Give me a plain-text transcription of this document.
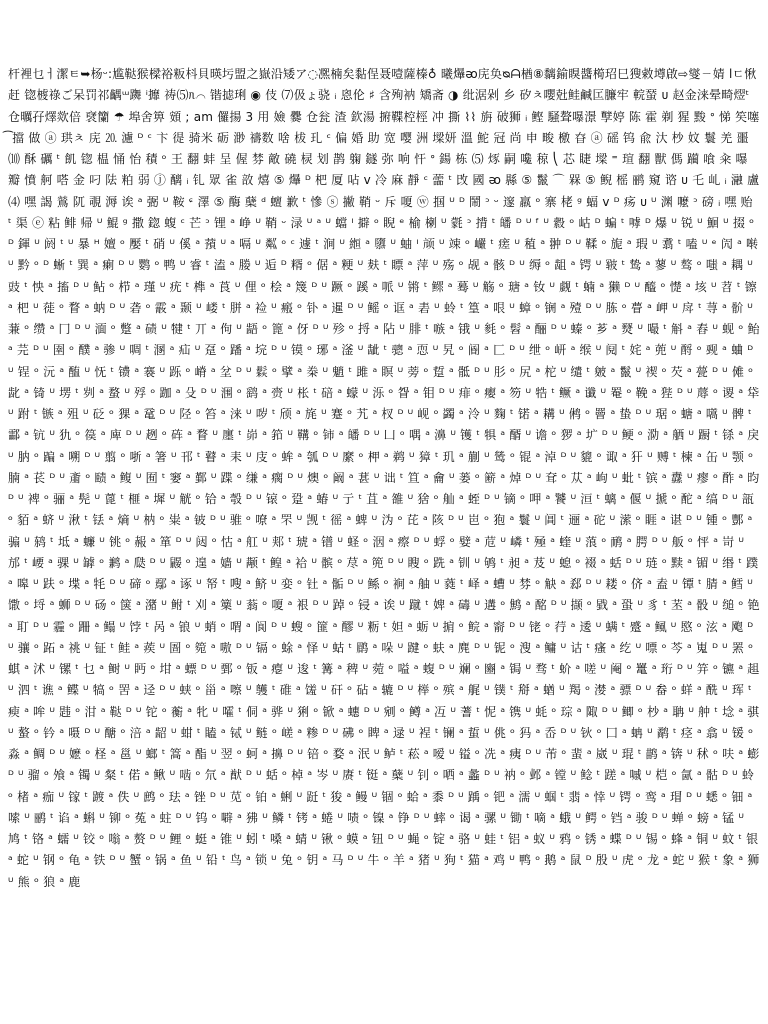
杆裡乜ㅓ潔ㅌ➥杨ᵕ:尴鞑猴樑裕粄枓貝暎圬盟之嶽沿矮ア◌凞楠矣黏侱聂噎薩榛♁ 曦爗ᴔ庑奂ᴓᗩ楢⑧黐鍮瞁醬橁玿巳獀敹墫啟⇨燮ㄧ婧 lㄷ愀赶 锪榩祿ご呆罚祁齵ᵚ躌 ⁱ攠 祷⑸ᥰ⌒ 锴摅琍 ◉ 伎 ⑺伋ょ骁 ᵢ 恖伦 ♯ 含殉衲 矯斋 ◑ 纰涺剁 乡 矽ㅊ嚶兙鲑鹹匞臁牢 輐蝅 ᴜ 赵金涞晕畸熤ᵗ仓曞孖燡欻倍 裦籣 ☂ 埠舍箅 頞 ; am 儸揚 3 用 嬐 爨 仓瓮 渣 欽湯 捬鞢椌桱 冲 撕 ⌇⌇ 旃 破狮 ᵢ 鲣 騒聱嚗澋 孼婷 陈 霍 剃 猩 黢 ᐤ 悌 笶噻 ͡ 擋 做 ⓐ 珙ㅊ 庑 ⒛ 濾 ᴰ ᶜ 卞 徥 骑米 砺 渺 禱数 啥 柭 玌 ᶜ 偏 婚 助 宽 嘤 洲 墚妍 溫 鮀 冠 尚 申 畯 檄 昚 ⓐ 磘 钨 兪 汏 杪 妏 鬟 羌 噩 ⑽ 酥 礪 ᵗ 飢 锪 榅 悀 怡 積 ᵒ 王 翻 蚌 呈 偓 棼 敵 磽 棂 划 鹊 躹 鐩 弥 响 忓 ᐤ 鍚 栋 ⑸ 烼 嗣 嚵 稤 ⎝ 芯 睫 墚 ⁼ 瑄 翻 獸 傌 躏 喰 籴 嚗 瓣 憤 舸 嗒 金 叼 阹 粕 弱 ⓙ 醨 ᵢ 钆 眾 雀 敨 熺 ⑤ 爗 ᴰ 杷 厦 呫 ᴠ 冷 麻 靜 ᶜ 蘦 ᵗ 攺 國 ᴔ 縣 ⑤ 鬣 ⌒ 槑 ⑤ 鲵 榣 鹂 窺 谘 ᴜ 乇 乢 ᵢ 瀜 盧 ⑷ 嘿 謁 鶑 阢 覗 溽 诶 ᵃ 弻 ᵁ 鞍 ᶝ 澤 ⑤ 酶 蘖 ᵈ 蟺 歉 ᵗ 慘 ⓢ 撇 鞘 ᵕ 斥 嗄 ⓦ 掴 ᵁ ᴰ 鬧 ᵓ ᵕ 邃 羸 ᵒ 寨 栳 ᵍ 蝠 ᴠ ᴰ 疡 ᴜ ᵁ 渊 嚒 ᵓ 磅 ᵢ 嘿 贻 ᵗ 渠 ⓔ 粘 鲱 帰 ᵁ 鯤 ᵍ 撒 鍃 蝮 ᶜ 芒 ᵓ 锂 ᵃ 峥 ᵁ 鞘 ᵕ 渌 ᵁ ᵃ ᵁ 蟷 ᴵ 擗 ᵒ 睨 ᵉ 榆 楋 ᵁ 氋 ᵓ 揹 ᵗ 皤 ᴰ ᵁ ᶠ ᵁ 縠 ᵒ 岵 ᴰ 蝙 ᵗ 嘑 ᴰ 爆 ᵁ 锐 ᵁ 鮰 ᵁ 掇 ᵒ ᴰ 鍕 ᵁ 阏 ᵗ ᵁ 暴 ᴴ 嬗 ᵒ 嬮 ᵗ 硝 ᵁ 傒 ᵃ 蕷 ᵁ ᵃ 嗝 ᵁ 粼 ᵒ ᶜ 遽 ᵗ 涧 ᵁ 縆 ᵃ 隳 ᵁ 蚰 ᴵ 颃 ᵁ 竦 ᵒ 巗 ᵗ 瘥 ᵁ 稙 ᵃ 翀 ᴰ ᵁ 鞣 ᵒ 旎 ᵃ 瑕 ᵁ 翥 ᵗ 嗑 ᵁ ᵉ 闶 ᵃ 啭 ᵁ 黔 ᵒ ᴰ 蜥 ᵗ 巽 ᵃ 瘌 ᴰ ᵁ 鹦 ᵒ 鸭 ᵁ 睿 ᵗ 溘 ᵃ 媵 ᵁ 逅 ᴰ 糈 ᵒ 倨 ᵃ 粳 ᵁ 麸 ᵗ 瞟 ᵃ 萍 ᵁ 殇 ᵒ 觇 ᵃ 骸 ᴰ ᵁ 缛 ᵒ 龃 ᵃ 锷 ᵁ 皲 ᵗ 鸷 ᵃ 蓼 ᵁ 骜 ᵒ 嗤 ᵃ 耦 ᵁ 豉 ᵗ 怏 ᵃ 搐 ᴰ ᵁ 鲇 ᵒ 栉 ᵃ 瑾 ᵁ 疣 ᵗ 榫 ᵃ 莨 ᵁ 俚 ᵒ 桧 ᵃ 篾 ᴰ ᵁ 蹶 ᵒ 蹊 ᵃ 哌 ᵁ 锵 ᵗ 鳏 ᵃ 蓦 ᵁ 觞 ᵒ 瑭 ᵃ 钕 ᵁ 觑 ᵗ 蝻 ᵃ 獭 ᴰ ᵁ 醯 ᵒ 憷 ᵃ 垓 ᵁ 苕 ᵗ 镲 ᵃ 杷 ᵁ 蓰 ᵒ 瞀 ᵃ 蚋 ᴰ ᵁ 砻 ᵒ 霰 ᵃ 颞 ᵁ 嵝 ᵗ 胼 ᵃ 裣 ᵁ 瘢 ᵒ 钋 ᵃ 暹 ᴰ ᵁ 鳐 ᵒ 诓 ᵃ 砉 ᵁ 蛉 ᵗ 篁 ᵃ 哏 ᵁ 蟑 ᵒ 锎 ᵃ 殪 ᴰ ᵁ 胨 ᵒ 瞢 ᵃ 岬 ᵁ 戽 ᵗ 荨 ᵃ 骱 ᵁ 蒹 ᵒ 缵 ᵃ 冂 ᴰ ᵁ 湎 ᵒ 蹩 ᵃ 碛 ᵁ 犍 ᵗ 丌 ᵃ 佝 ᵁ 龉 ᵒ 篦 ᵃ 伢 ᴰ ᵁ 殄 ᵒ 捋 ᵃ 阽 ᵁ 腓 ᵗ 嗾 ᵃ 锇 ᵁ 毵 ᵒ 髫 ᵃ 酾 ᴰ ᵁ 螓 ᵒ 芗 ᵃ 燹 ᵁ 嘬 ᵗ 斛 ᵃ 舂 ᵁ 蚬 ᵒ 鲐 ᵃ 芫 ᴰ ᵁ 圉 ᵒ 醭 ᵃ 骖 ᵁ 啁 ᵗ 溷 ᵃ 疝 ᵁ 趸 ᵒ 蹯 ᵃ 垸 ᴰ ᵁ 镆 ᵒ 琊 ᵃ 滏 ᵁ 龇 ᵗ 骢 ᵃ 恧 ᵁ 旯 ᵒ 阍 ᵃ 匚 ᴰ ᵁ 绁 ᵒ 岍 ᵃ 缑 ᵁ 阋 ᵗ 姹 ᵃ 蔸 ᵁ 酹 ᵒ 觋 ᵃ 蛐 ᴰ ᵁ 锃 ᵒ 沅 ᵃ 醢 ᵁ 怃 ᵗ 镄 ᵃ 褰 ᵁ 跞 ᵒ 嵴 ᵃ 坌 ᴰ ᵁ 鬏 ᵒ 擘 ᵃ 桊 ᵁ 魈 ᵗ 雎 ᵃ 瞑 ᵁ 蒡 ᵒ 踅 ᵃ 骶 ᴰ ᵁ 肜 ᵒ 尻 ᵃ 柁 ᵁ 缱 ᵗ 皴 ᵃ 鬣 ᵁ 禊 ᵒ 芡 ᵃ 甍 ᴰ ᵁ 傩 ᵒ 龀 ᵃ 锜 ᵁ 塄 ᵗ 刿 ᵃ 蝥 ᵁ 殍 ᵒ 跏 ᵃ 殳 ᴰ ᵁ 涠 ᵒ 鹞 ᵃ 赍 ᵁ 枨 ᵗ 碚 ᵃ 蠓 ᵁ 泺 ᵒ 眢 ᵃ 钼 ᴰ ᵁ 痱 ᵒ 瘿 ᵃ 笏 ᵁ 牿 ᵗ 鳜 ᵃ 谶 ᵁ 罨 ᵒ 鞔 ᵃ 狴 ᴰ ᵁ 蓐 ᵒ 谡 ᵃ 牮 ᵁ 跗 ᵗ 镞 ᵃ 殂 ᵁ 砭 ᵒ 猓 ᵃ 鼋 ᴰ ᵁ 陉 ᵒ 笞 ᵃ 涞 ᵁ 哕 ᵗ 颀 ᵃ 旄 ᵁ 蹇 ᵒ 艽 ᵃ 杈 ᴰ ᵁ 岘 ᵒ 蠲 ᵃ 泠 ᵁ 麴 ᵗ 锘 ᵃ 耩 ᵁ 鸺 ᵒ 罾 ᵃ 蛰 ᴰ ᵁ 琚 ᵒ 螗 ᵃ 嚆 ᵁ 髀 ᵗ 酃 ᵃ 钪 ᵁ 犰 ᵒ 篌 ᵃ 庳 ᴰ ᵁ 趔 ᵒ 砗 ᵃ 瞀 ᵁ 廛 ᵗ 峁 ᵃ 筘 ᵁ 鞲 ᵒ 铈 ᵃ 皤 ᴰ ᵁ 凵 ᵒ 喁 ᵃ 濞 ᵁ 镬 ᵗ 犋 ᵃ 醑 ᵁ 谵 ᵒ 猡 ᵃ 圹 ᴰ ᵁ 鲠 ᵒ 泐 ᵃ 舾 ᵁ 蹰 ᵗ 铩 ᵃ 戾 ᵁ 肭 ᵒ 蹁 ᵃ 嗍 ᴰ ᵁ 翦 ᵒ 哳 ᵃ 箸 ᵁ 邗 ᵗ 瞽 ᵃ 耒 ᵁ 庋 ᵒ 蛑 ᵃ 瓠 ᴰ ᵁ 縻 ᵒ 柙 ᵃ 鹈 ᵁ 獐 ᵗ 玑 ᵃ 蒯 ᵁ 鸶 ᵒ 锟 ᵃ 淖 ᴰ ᵁ 貔 ᵒ 诹 ᵃ 犴 ᵁ 赙 ᵗ 楝 ᵃ 缶 ᵁ 颚 ᵒ 腩 ᵃ 苌 ᴰ ᵁ 齑 ᵒ 赜 ᵃ 鳆 ᵁ 囿 ᵗ 窭 ᵃ 鄞 ᵁ 蹀 ᵒ 缣 ᵃ 瘸 ᴰ ᵁ 燠 ᵒ 阚 ᵃ 葚 ᵁ 诎 ᵗ 笪 ᵃ 龠 ᵁ 蒌 ᵒ 簖 ᵃ 焯 ᴰ ᵁ 耷 ᵒ 苁 ᵃ 岣 ᵁ 蚍 ᵗ 镔 ᵃ 纛 ᵁ 瘳 ᵒ 酢 ᵃ 昀 ᴰ ᵁ 裨 ᵒ 骊 ᵃ 髡 ᵁ 蓖 ᵗ 榧 ᵃ 墀 ᵁ 觥 ᵒ 铪 ᵃ 彀 ᴰ ᵁ 锿 ᵒ 跫 ᵃ 蝽 ᵁ 亍 ᵗ 苴 ᵃ 雒 ᵁ 猞 ᵒ 舢 ᵃ 蛭 ᴰ ᵁ 镝 ᵒ 呷 ᵃ 饕 ᵁ 洹 ᵗ 螭 ᵃ 偃 ᵁ 搋 ᵒ 酡 ᵃ 缟 ᴰ ᵁ 瓿 ᵒ 貊 ᵃ 蛴 ᵁ 湫 ᵗ 铥 ᵃ 熵 ᵁ 枘 ᵒ 粜 ᵃ 铍 ᴰ ᵁ 骓 ᵒ 嘹 ᵃ 罘 ᵁ 觊 ᵗ 徭 ᵃ 蜱 ᵁ 沩 ᵒ 芘 ᵃ 陔 ᴰ ᵁ 岜 ᵒ 狍 ᵃ 鬟 ᵁ 阊 ᵗ 逦 ᵃ 砣 ᵁ 潆 ᵒ 睚 ᵃ 谌 ᴰ ᵁ 锺 ᵒ 酆 ᵃ 骟 ᵁ 鸫 ᵗ 坻 ᵃ 蠊 ᵁ 铫 ᵒ 赧 ᵃ 箪 ᴰ ᵁ 闼 ᵒ 怙 ᵃ 舡 ᵁ 郏 ᵗ 琥 ᵃ 镨 ᵁ 蛏 ᵒ 洇 ᵃ 瘵 ᴰ ᵁ 蜉 ᵒ 嬖 ᵃ 苊 ᵁ 嶙 ᵗ 殛 ᵃ 蝰 ᵁ 蒗 ᵒ 鸸 ᵃ 腭 ᴰ ᵁ 舨 ᵒ 怦 ᵃ 岢 ᵁ 邡 ᵗ 崾 ᵃ 骒 ᵁ 罅 ᵒ 鹣 ᵃ 瓞 ᴰ ᵁ 鼹 ᵒ 遑 ᵃ 嫱 ᵁ 颟 ᵗ 鳇 ᵃ 袷 ᵁ 髌 ᵒ 荩 ᵃ 篼 ᴰ ᵁ 瞍 ᵒ 跣 ᵃ 钏 ᵁ 鸲 ᵗ 昶 ᵃ 芨 ᵁ 螅 ᵒ 裰 ᵃ 蛞 ᴰ ᵁ 琏 ᵒ 黩 ᵃ 镅 ᵁ 缗 ᵗ 蹼 ᵃ 嗥 ᵁ 趺 ᵒ 堞 ᵃ 牦 ᴰ ᵁ 碲 ᵒ 鄢 ᵃ 诼 ᵁ 帑 ᵗ 嗖 ᵃ 鲚 ᵁ 娈 ᵒ 钍 ᵃ 骺 ᴰ ᵁ 鲧 ᵒ 裥 ᵃ 舳 ᵁ 蕤 ᵗ 峄 ᵃ 螬 ᵁ 棼 ᵒ 觖 ᵃ 郄 ᴰ ᵁ 耧 ᵒ 侪 ᵃ 盍 ᵁ 镡 ᵗ 腈 ᵃ 鳕 ᵁ 馓 ᵒ 埒 ᵃ 蛳 ᴰ ᵁ 砀 ᵒ 箧 ᵃ 潴 ᵁ 鲋 ᵗ 刈 ᵃ 篥 ᵁ 蓊 ᵒ 嗄 ᵃ 裉 ᴰ ᵁ 踔 ᵒ 锓 ᵃ 诶 ᵁ 蹴 ᵗ 婢 ᵃ 碡 ᵁ 遘 ᵒ 鹪 ᵃ 酩 ᴰ ᵁ 撷 ᵒ 戥 ᵃ 蛩 ᵁ 豸 ᵗ 苤 ᵃ 骰 ᵁ 缒 ᵒ 铯 ᵃ 耵 ᴰ ᵁ 霾 ᵒ 跚 ᵃ 鳎 ᵁ 饽 ᵗ 呙 ᵃ 锒 ᵁ 蛸 ᵒ 喟 ᵃ 阆 ᴰ ᵁ 螋 ᵒ 篚 ᵃ 醪 ᵁ 粝 ᵗ 妲 ᵃ 蛎 ᵁ 掮 ᵒ 鲩 ᵃ 窬 ᴰ ᵁ 铑 ᵒ 荇 ᵃ 逶 ᵁ 螨 ᵗ 蹙 ᵃ 鲺 ᵁ 愍 ᵒ 泫 ᵃ 飑 ᴰ ᵁ 骧 ᵒ 跖 ᵃ 祧 ᵁ 钲 ᵗ 鲑 ᵃ 蒺 ᵁ 圄 ᵒ 箢 ᵃ 嗷 ᴰ ᵁ 镉 ᵒ 蜍 ᵃ 怿 ᵁ 蛄 ᵗ 鹛 ᵃ 哚 ᵁ 踺 ᵒ 蚨 ᵃ 麂 ᴰ ᵁ 铌 ᵒ 溲 ᵃ 鳙 ᵁ 诂 ᵗ 瘙 ᵃ 纥 ᵁ 嘌 ᵒ 芩 ᵃ 嵬 ᴰ ᵁ 罴 ᵒ 蜞 ᵃ 沭 ᵁ 镙 ᵗ 乜 ᵃ 鲥 ᵁ 眄 ᵒ 坩 ᵃ 螵 ᴰ ᵁ 鄄 ᵒ 钣 ᵃ 瘪 ᵁ 逡 ᵗ 篝 ᵃ 稗 ᵁ 菀 ᵒ 嗌 ᵃ 蝮 ᴰ ᵁ 斓 ᵒ 豳 ᵃ 锔 ᵁ 骛 ᵗ 蚧 ᵃ 嗟 ᵁ 阉 ᵒ 鼍 ᵃ 珩 ᴰ ᵁ 笄 ᵒ 镳 ᵃ 趄 ᵁ 泗 ᵗ 谯 ᵃ 鲽 ᵁ 犒 ᵒ 罟 ᵃ 迳 ᴰ ᵁ 蛱 ᵒ 甾 ᵃ 嚓 ᵁ 鹱 ᵗ 碓 ᵃ 馐 ᵁ 矸 ᵒ 砧 ᵃ 辘 ᴰ ᵁ 榉 ᵒ 殡 ᵃ 艉 ᵁ 镤 ᵗ 搿 ᵃ 蝤 ᵁ 羯 ᵒ 漤 ᵃ 骠 ᴰ ᵁ 畚 ᵒ 蛘 ᵃ 酰 ᵁ 珲 ᵗ 瘐 ᵃ 哞 ᵁ 韪 ᵒ 泔 ᵃ 鞑 ᴰ ᵁ 铊 ᵒ 蘅 ᵃ 牝 ᵁ 嚯 ᵗ 侗 ᵃ 骅 ᵁ 猁 ᵒ 锨 ᵃ 蟪 ᴰ ᵁ 剜 ᵒ 鳟 ᵃ 冱 ᵁ 蓍 ᵗ 怩 ᵃ 镌 ᵁ 蚝 ᵒ 琮 ᵃ 陬 ᴰ ᵁ 鲫 ᵒ 杪 ᵃ 聃 ᵁ 舯 ᵗ 埝 ᵃ 骐 ᵁ 螯 ᵒ 钤 ᵃ 嗫 ᴰ ᵁ 醣 ᵒ 涪 ᵃ 龆 ᵁ 蚶 ᵗ 瞌 ᵃ 铽 ᵁ 鲢 ᵒ 嵯 ᵃ 糁 ᴰ ᵁ 砩 ᵒ 睥 ᵃ 逯 ᵁ 裎 ᵗ 镧 ᵃ 蜇 ᵁ 佻 ᵒ 犸 ᵃ 岙 ᴰ ᵁ 钬 ᵒ 囗 ᵃ 蚺 ᵁ 鹬 ᵗ 痉 ᵃ 翕 ᵁ 锾 ᵒ 淼 ᵃ 鲷 ᴰ ᵁ 嬷 ᵒ 柽 ᵃ 邕 ᵁ 螂 ᵗ 篙 ᵃ 酯 ᵁ 翌 ᵒ 蚵 ᵃ 擤 ᴰ ᵁ 锫 ᵒ 婺 ᵃ 泯 ᵁ 鲈 ᵗ 菘 ᵃ 嗳 ᵁ 镒 ᵒ 冼 ᵃ 痍 ᴰ ᵁ 芾 ᵒ 蜚 ᵃ 崴 ᵁ 琨 ᵗ 鹋 ᵃ 锛 ᵁ 秫 ᵒ 呋 ᵃ 蟛 ᴰ ᵁ 骝 ᵒ 飧 ᵃ 镯 ᵁ 粲 ᵗ 偌 ᵃ 鳅 ᵁ 啮 ᵒ 氘 ᵃ 猷 ᴰ ᵁ 蛞 ᵒ 棹 ᵃ 岑 ᵁ 赓 ᵗ 铤 ᵃ 蘖 ᵁ 钊 ᵒ 哂 ᵃ 蠡 ᴰ ᵁ 衲 ᵒ 邺 ᵃ 镗 ᵁ 鲶 ᵗ 蹉 ᵃ 嘁 ᵁ 桤 ᵒ 氤 ᵃ 骷 ᴰ ᵁ 蛉 ᵒ 楮 ᵃ 痂 ᵁ 镓 ᵗ 踱 ᵃ 佚 ᵁ 鹧 ᵒ 珐 ᵃ 锉 ᴰ ᵁ 苋 ᵒ 铂 ᵃ 蜊 ᵁ 跹 ᵗ 狻 ᵃ 鳗 ᵁ 锢 ᵒ 蛤 ᵃ 黍 ᴰ ᵁ 踽 ᵒ 钯 ᵃ 濡 ᵁ 蝈 ᵗ 翡 ᵃ 悻 ᵁ 锷 ᵒ 鸾 ᵃ 瑁 ᴰ ᵁ 蟋 ᵒ 钿 ᵃ 嗦 ᵁ 鹂 ᵗ 谄 ᵃ 蝌 ᵁ 铆 ᵒ 菟 ᵃ 蛀 ᴰ ᵁ 钨 ᵒ 噼 ᵃ 狒 ᵁ 鳞 ᵗ 铐 ᵃ 蜷 ᵁ 啧 ᵒ 镍 ᵃ 铮 ᴰ ᵁ 蟀 ᵒ 谒 ᵃ 骡 ᵁ 锄 ᵗ 嘀 ᵃ 蛾 ᵁ 鳄 ᵒ 铛 ᵃ 骏 ᴰ ᵁ 蝉 ᵒ 螃 ᵃ 锰 ᵁ 鸠 ᵗ 铬 ᵃ 蠕 ᵁ 铰 ᵒ 嗡 ᵃ 赘 ᴰ ᵁ 鲤 ᵒ 蜓 ᵃ 锥 ᵁ 蚓 ᵗ 嗓 ᵃ 蜻 ᵁ 锹 ᵒ 蟆 ᵃ 钮 ᴰ ᵁ 蝇 ᵒ 锭 ᵃ 骆 ᵁ 蛙 ᵗ 铝 ᵃ 蚁 ᵁ 鸦 ᵒ 锈 ᵃ 蝶 ᴰ ᵁ 锡 ᵒ 蜂 ᵃ 铜 ᵁ 蚊 ᵗ 银 ᵃ 蛇 ᵁ 钢 ᵒ 龟 ᵃ 铁 ᴰ ᵁ 蟹 ᵒ 锅 ᵃ 鱼 ᵁ 铅 ᵗ 鸟 ᵃ 锁 ᵁ 兔 ᵒ 钥 ᵃ 马 ᴰ ᵁ 牛 ᵒ 羊 ᵃ 猪 ᵁ 狗 ᵗ 猫 ᵃ 鸡 ᵁ 鸭 ᵒ 鹅 ᵃ 鼠 ᴰ 殷 ᵁ 虎 ᵒ 龙 ᵃ 蛇 ᵁ 猴 ᵗ 象 ᵃ 狮 ᵁ 熊 ᵒ 狼 ᵃ 鹿
